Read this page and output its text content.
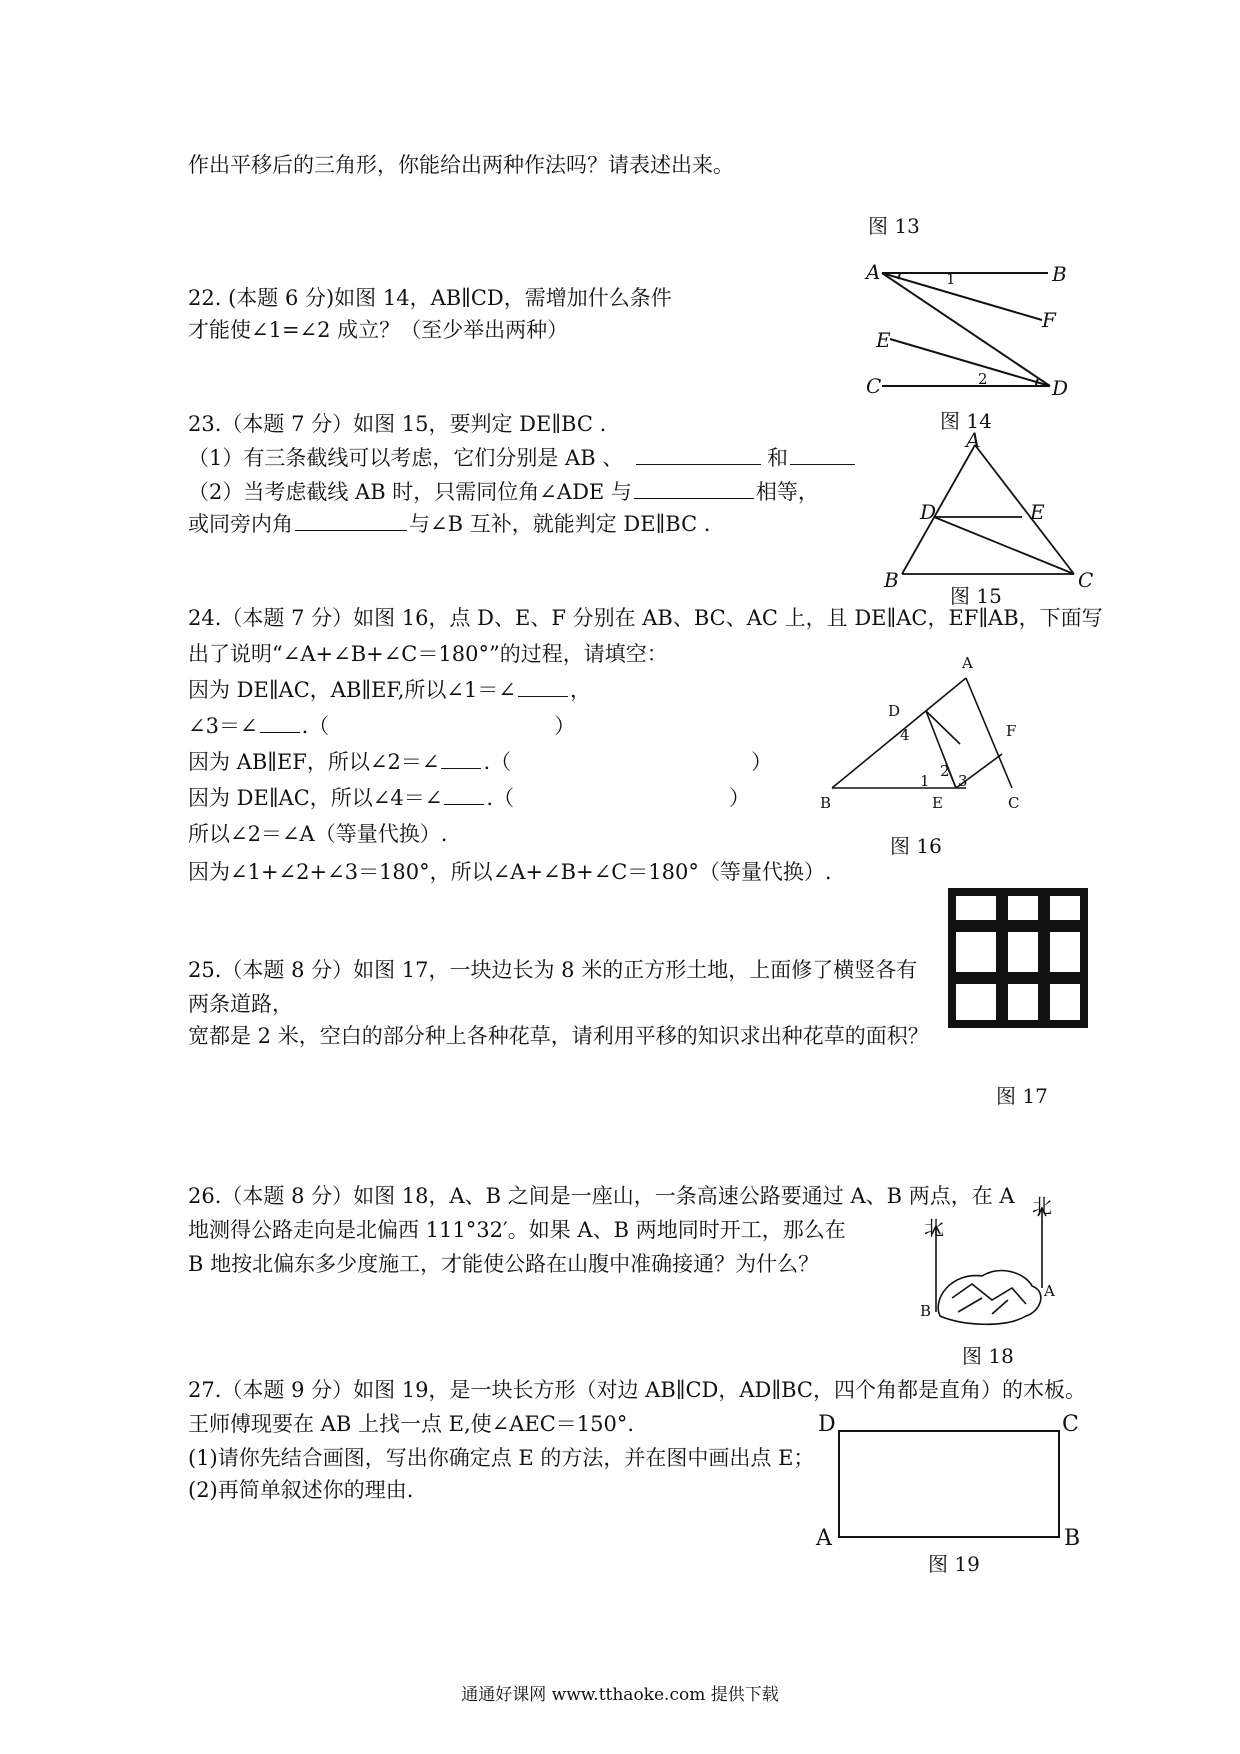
作出平移后的三角形，你能给出两种作法吗？请表述出来。
图 13
22. (本题 6 分)如图 14，AB∥CD，需增加什么条件
才能使∠1=∠2 成立？（至少举出两种）
A	B
F
E
C	D
1
2
图 14
23.（本题 7 分）如图 15，要判定 DE∥BC .
（1）有三条截线可以考虑，它们分别是 AB 、	和
（2）当考虑截线 AB 时，只需同位角∠ADE 与	相等，
或同旁内角	与∠B 互补，就能判定 DE∥BC .
A
D	E
B	C
图 15
24.（本题 7 分）如图 16，点 D、E、F 分别在 AB、BC、AC 上，且 DE∥AC，EF∥AB，下面写
出了说明“∠A+∠B+∠C＝180°”的过程，请填空：
因为 DE∥AC，AB∥EF,所以∠1＝∠	，
∠3＝∠ .（	）
因为 AB∥EF，所以∠2＝∠ .（	）
因为 DE∥AC，所以∠4＝∠ .（	）
所以∠2＝∠A（等量代换）.
因为∠1+∠2+∠3＝180°，所以∠A+∠B+∠C＝180°（等量代换）.
A
D
F
B	E	C
1
2
3
4
图 16
25.（本题 8 分）如图 17，一块边长为 8 米的正方形土地，上面修了横竖各有
两条道路，
宽都是 2 米，空白的部分种上各种花草，请利用平移的知识求出种花草的面积？
图 17
26.（本题 8 分）如图 18，A、B 之间是一座山，一条高速公路要通过 A、B 两点，在 A
地测得公路走向是北偏西 111°32′。如果 A、B 两地同时开工，那么在
B 地按北偏东多少度施工，才能使公路在山腹中准确接通？为什么？
北
北
A
B
图 18
27.（本题 9 分）如图 19，是一块长方形（对边 AB∥CD，AD∥BC，四个角都是直角）的木板。
王师傅现要在 AB 上找一点 E,使∠AEC＝150°.
(1)请你先结合画图，写出你确定点 E 的方法，并在图中画出点 E；
(2)再简单叙述你的理由.
D	C
A	B
图 19
通通好课网 www.tthaoke.com 提供下载
